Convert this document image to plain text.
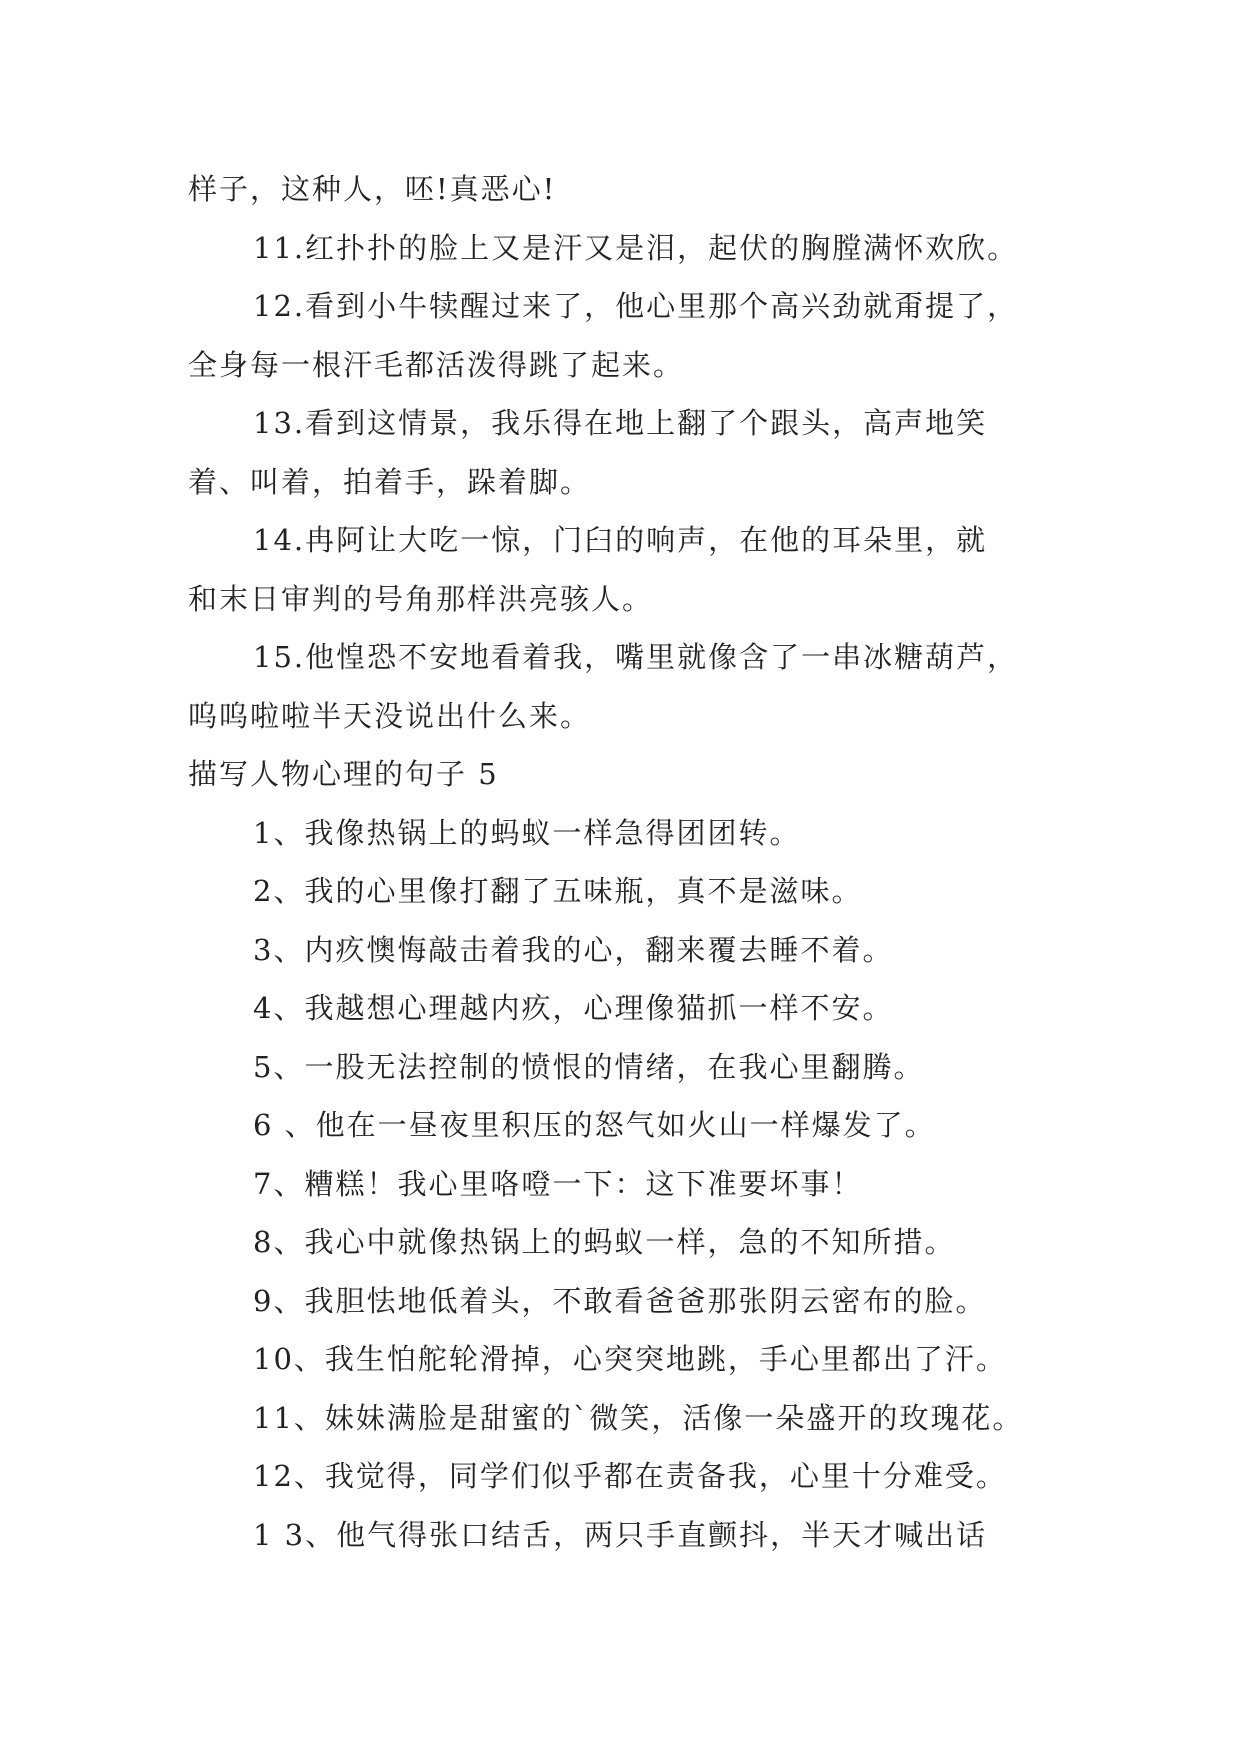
样子，这种人，呸!真恶心!
11.红扑扑的脸上又是汗又是泪，起伏的胸膛满怀欢欣。
12.看到小牛犊醒过来了，他心里那个高兴劲就甭提了，
全身每一根汗毛都活泼得跳了起来。
13.看到这情景，我乐得在地上翻了个跟头，高声地笑
着、叫着，拍着手，跺着脚。
14.冉阿让大吃一惊，门臼的响声，在他的耳朵里，就
和末日审判的号角那样洪亮骇人。
15.他惶恐不安地看着我，嘴里就像含了一串冰糖葫芦，
呜呜啦啦半天没说出什么来。
描写人物心理的句子 5
1、我像热锅上的蚂蚁一样急得团团转。
2、我的心里像打翻了五味瓶，真不是滋味。
3、内疚懊悔敲击着我的心，翻来覆去睡不着。
4、我越想心理越内疚，心理像猫抓一样不安。
5、一股无法控制的愤恨的情绪，在我心里翻腾。
6 、他在一昼夜里积压的怒气如火山一样爆发了。
7、糟糕！我心里咯噔一下：这下准要坏事！
8、我心中就像热锅上的蚂蚁一样，急的不知所措。
9、我胆怯地低着头，不敢看爸爸那张阴云密布的脸。
10、我生怕舵轮滑掉，心突突地跳，手心里都出了汗。
11、妹妹满脸是甜蜜的`微笑，活像一朵盛开的玫瑰花。
12、我觉得，同学们似乎都在责备我，心里十分难受。
1 3、他气得张口结舌，两只手直颤抖，半天才喊出话
